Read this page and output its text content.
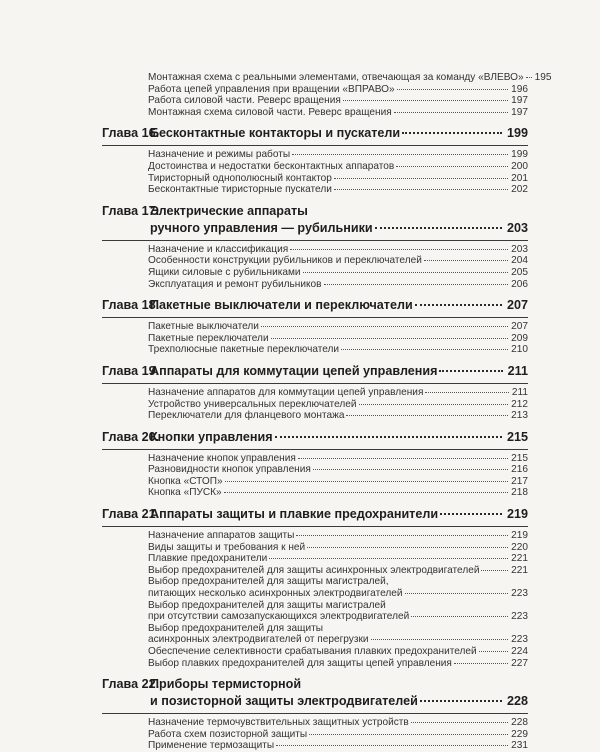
Монтажная схема с реальными элементами, отвечающая за команду «ВЛЕВО» 195
Работа цепей управления при вращении «ВПРАВО»	196
Работа силовой части. Реверс вращения	197
Монтажная схема силовой части. Реверс вращения	197
Глава 16.
Бесконтактные контакторы и пускатели	199
Назначение и режимы работы	199
Достоинства и недостатки бесконтактных аппаратов	200
Тиристорный однополюсный контактор	201
Бесконтактные тиристорные пускатели	202
Глава 17.
Электрические аппараты
ручного управления — рубильники	203
Назначение и классификация	203
Особенности конструкции рубильников и переключателей	204
Ящики силовые с рубильниками	205
Эксплуатация и ремонт рубильников	206
Глава 18.
Пакетные выключатели и переключатели	207
Пакетные выключатели	207
Пакетные переключатели	209
Трехполюсные пакетные переключатели	210
Глава 19.
Аппараты для коммутации цепей управления	211
Назначение аппаратов для коммутации цепей управления	211
Устройство универсальных переключателей	212
Переключатели для фланцевого монтажа	213
Глава 20.
Кнопки управления	215
Назначение кнопок управления	215
Разновидности кнопок управления	216
Кнопка «СТОП»	217
Кнопка «ПУСК»	218
Глава 21.
Аппараты защиты и плавкие предохранители	219
Назначение аппаратов защиты	219
Виды защиты и требования к ней	220
Плавкие предохранители	221
Выбор предохранителей для защиты асинхронных электродвигателей	221
Выбор предохранителей для защиты магистралей,
питающих несколько асинхронных электродвигателей	223
Выбор предохранителей для защиты магистралей
при отсутствии самозапускающихся электродвигателей	223
Выбор предохранителей для защиты
асинхронных электродвигателей от перегрузки	223
Обеспечение селективности срабатывания плавких предохранителей	224
Выбор плавких предохранителей для защиты цепей управления	227
Глава 22.
Приборы термисторной
и позисторной защиты электродвигателей	228
Назначение термочувствительных защитных устройств	228
Работа схем позисторной защиты	229
Применение термозащиты	231
